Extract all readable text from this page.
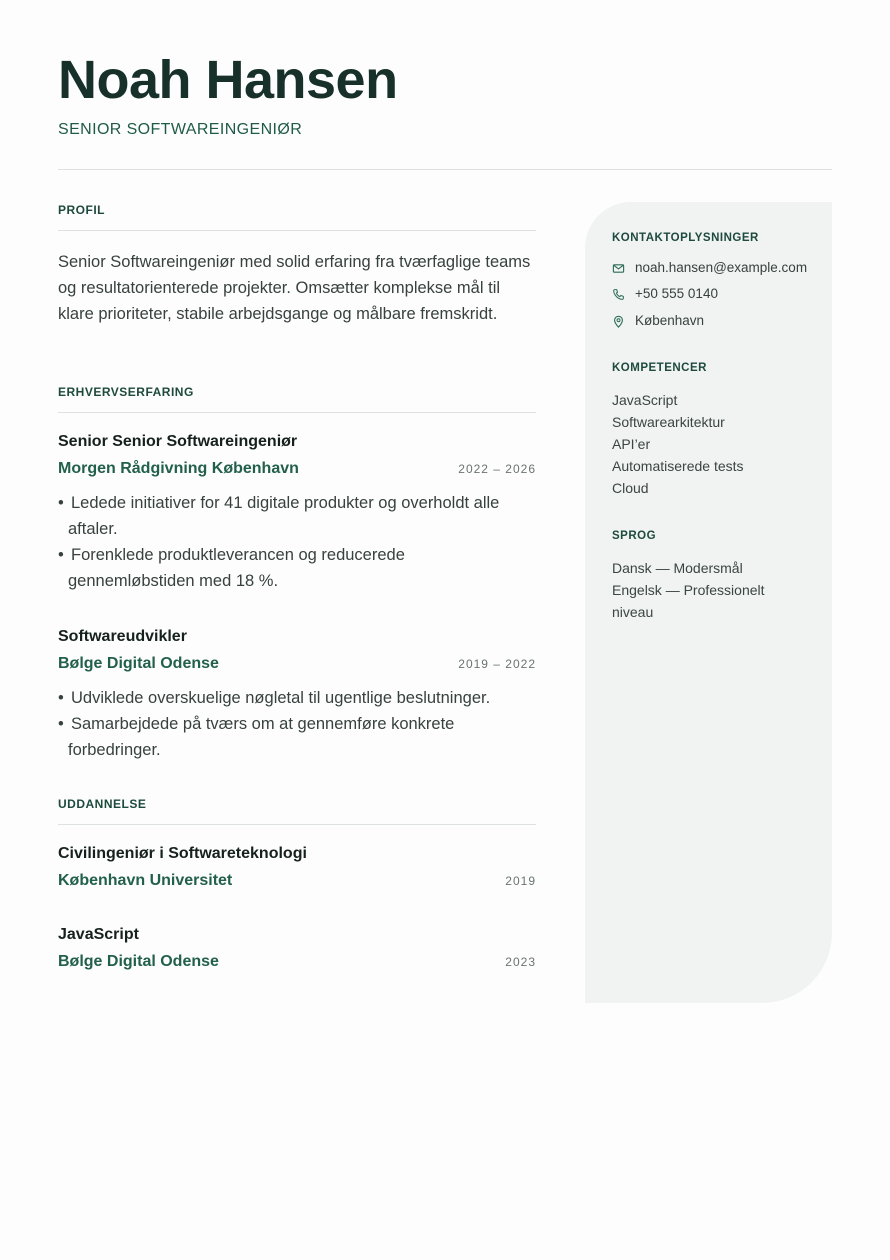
Noah Hansen
SENIOR SOFTWAREINGENIØR
PROFIL

Senior Softwareingeniør med solid erfaring fra tværfaglige teams og resultatorienterede projekter. Omsætter komplekse mål til klare prioriteter, stabile arbejdsgange og målbare fremskridt.

ERHVERVSERFARING
Senior Senior Softwareingeniør
Morgen Rådgivning København	2022 – 2026
• Ledede initiativer for 41 digitale produkter og overholdt alle aftaler.
• Forenklede produktleverancen og reducerede gennemløbstiden med 18 %.
Softwareudvikler
Bølge Digital Odense	2019 – 2022
• Udviklede overskuelige nøgletal til ugentlige beslutninger.
• Samarbejdede på tværs om at gennemføre konkrete forbedringer.
UDDANNELSE
Civilingeniør i Softwareteknologi
København Universitet	2019
JavaScript
Bølge Digital Odense	2023
KONTAKTOPLYSNINGER
noah.hansen@example.com
+50 555 0140
København
KOMPETENCER
JavaScript
Softwarearkitektur
API’er
Automatiserede tests
Cloud
SPROG
Dansk — Modersmål
Engelsk — Professionelt niveau
